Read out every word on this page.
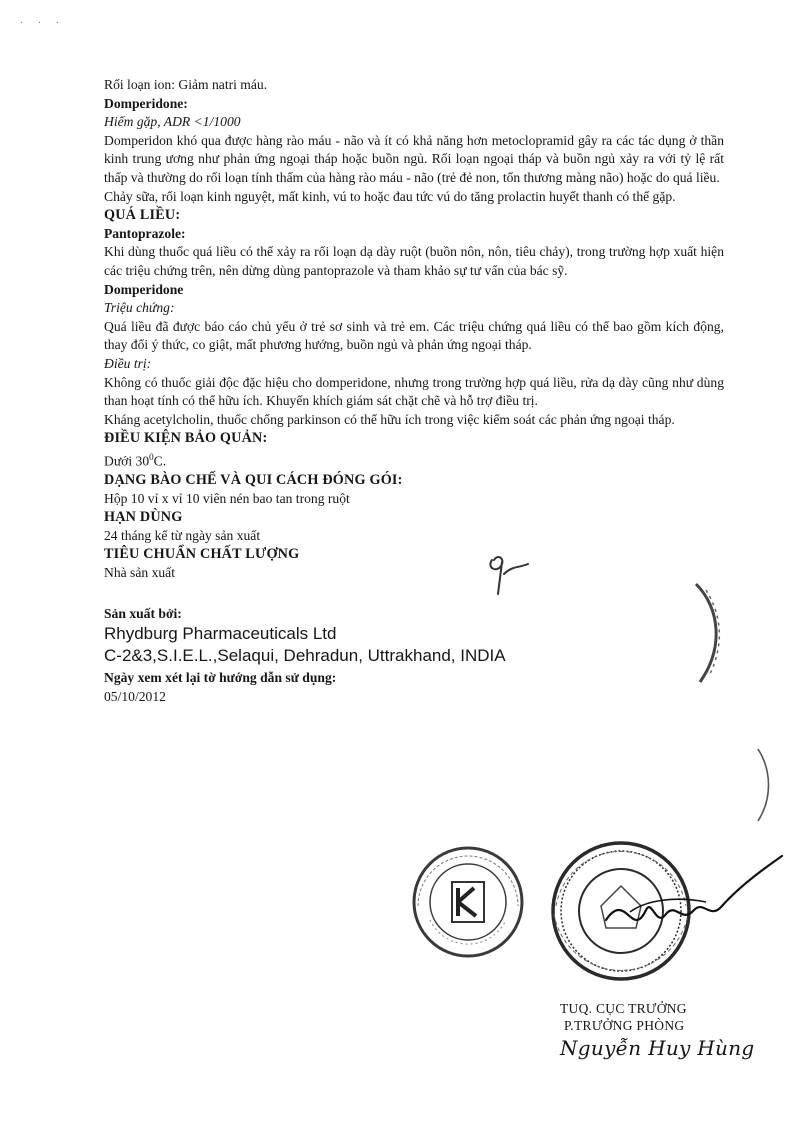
· · ·

Rối loạn ion: Giảm natri máu.

Domperidone:

Hiếm gặp, ADR <1/1000

Domperidon khó qua được hàng rào máu - não và ít có khả năng hơn metoclopramid gây ra các tác dụng ở thần kinh trung ương như phản ứng ngoại tháp hoặc buồn ngủ. Rối loạn ngoại tháp và buồn ngủ xảy ra với tỷ lệ rất thấp và thường do rối loạn tính thấm của hàng rào máu - não (trẻ đẻ non, tổn thương màng não) hoặc do quá liều.

Chảy sữa, rối loạn kinh nguyệt, mất kinh, vú to hoặc đau tức vú do tăng prolactin huyết thanh có thể gặp.

QUÁ LIỀU:

Pantoprazole:

Khi dùng thuốc quá liều có thể xảy ra rối loạn dạ dày ruột (buồn nôn, nôn, tiêu chảy), trong trường hợp xuất hiện các triệu chứng trên, nên dừng dùng pantoprazole và tham khảo sự tư vấn của bác sỹ.

Domperidone

Triệu chứng:

Quá liều đã được báo cáo chủ yếu ở trẻ sơ sinh và trẻ em. Các triệu chứng quá liều có thể bao gồm kích động, thay đổi ý thức, co giật, mất phương hướng, buồn ngủ và phản ứng ngoại tháp.

Điều trị:

Không có thuốc giải độc đặc hiệu cho domperidone, nhưng trong trường hợp quá liều, rửa dạ dày cũng như dùng than hoạt tính có thể hữu ích. Khuyến khích giám sát chặt chẽ và hỗ trợ điều trị.

Kháng acetylcholin, thuốc chống parkinson có thể hữu ích trong việc kiểm soát các phản ứng ngoại tháp.

ĐIỀU KIỆN BẢO QUẢN:

Dưới $30^0C$.

DẠNG BÀO CHẾ VÀ QUI CÁCH ĐÓNG GÓI:

Hộp 10 vỉ x vỉ 10 viên nén bao tan trong ruột

HẠN DÙNG

24 tháng kể từ ngày sản xuất

TIÊU CHUẨN CHẤT LƯỢNG

Nhà sản xuất

Sản xuất bởi:

Rhydburg Pharmaceuticals Ltd

C-2&3,S.I.E.L.,Selaqui, Dehradun, Uttrakhand, INDIA

Ngày xem xét lại tờ hướng dẫn sử dụng:

05/10/2012

TUQ. CỤC TRƯỞNG

P.TRƯỞNG PHÒNG

Nguyễn Huy Hùng
